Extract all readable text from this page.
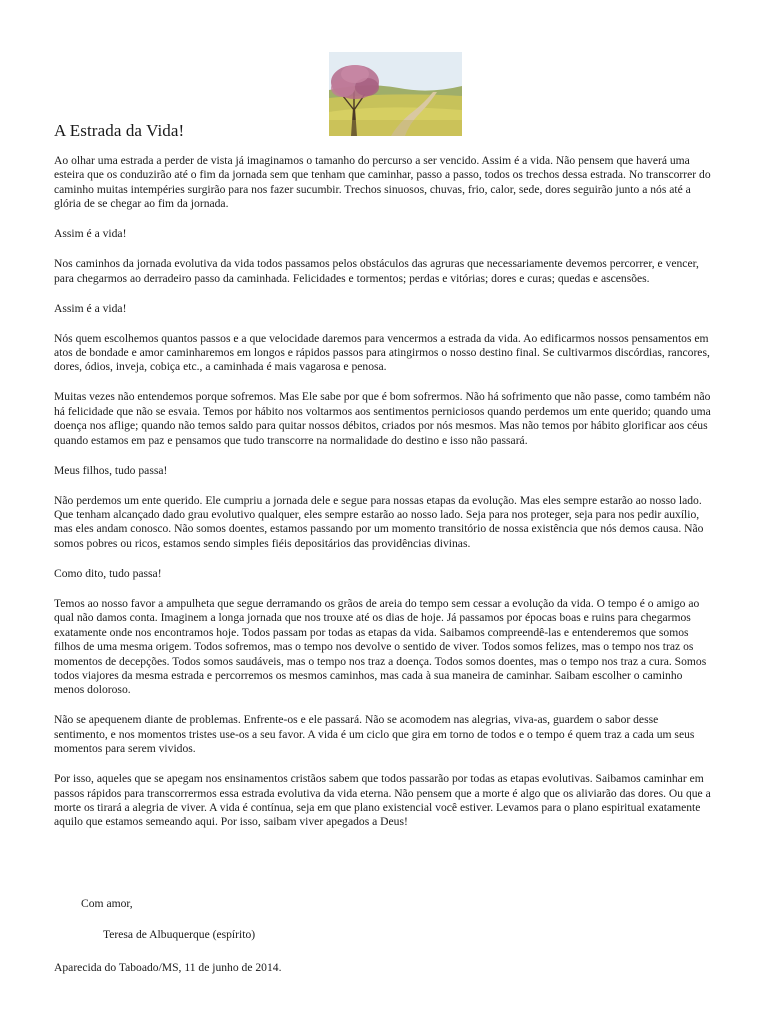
A Estrada da Vida!

Ao olhar uma estrada a perder de vista já imaginamos o tamanho do percurso a ser vencido. Assim é a vida. Não pensem que haverá uma esteira que os conduzirão até o fim da jornada sem que tenham que caminhar, passo a passo, todos os trechos dessa estrada. No transcorrer do caminho muitas intempéries surgirão para nos fazer sucumbir. Trechos sinuosos, chuvas, frio, calor, sede, dores seguirão junto a nós até a glória de se chegar ao fim da jornada.

Assim é a vida!

Nos caminhos da jornada evolutiva da vida todos passamos pelos obstáculos das agruras que necessariamente devemos percorrer, e vencer, para chegarmos ao derradeiro passo da caminhada. Felicidades e tormentos; perdas e vitórias; dores e curas; quedas e ascensões.

Assim é a vida!

Nós quem escolhemos quantos passos e a que velocidade daremos para vencermos a estrada da vida. Ao edificarmos nossos pensamentos em atos de bondade e amor caminharemos em longos e rápidos passos para atingirmos o nosso destino final. Se cultivarmos discórdias, rancores, dores, ódios, inveja, cobiça etc., a caminhada é mais vagarosa e penosa.

Muitas vezes não entendemos porque sofremos. Mas Ele sabe por que é bom sofrermos. Não há sofrimento que não passe, como também não há felicidade que não se esvaia. Temos por hábito nos voltarmos aos sentimentos perniciosos quando perdemos um ente querido; quando uma doença nos aflige; quando não temos saldo para quitar nossos débitos, criados por nós mesmos. Mas não temos por hábito glorificar aos céus quando estamos em paz e pensamos que tudo transcorre na normalidade do destino e isso não passará.

Meus filhos, tudo passa!

Não perdemos um ente querido. Ele cumpriu a jornada dele e segue para nossas etapas da evolução. Mas eles sempre estarão ao nosso lado. Que tenham alcançado dado grau evolutivo qualquer, eles sempre estarão ao nosso lado. Seja para nos proteger, seja para nos pedir auxílio, mas eles andam conosco. Não somos doentes, estamos passando por um momento transitório de nossa existência que nós demos causa. Não somos pobres ou ricos, estamos sendo simples fiéis depositários das providências divinas.

Como dito, tudo passa!

Temos ao nosso favor a ampulheta que segue derramando os grãos de areia do tempo sem cessar a evolução da vida. O tempo é o amigo ao qual não damos conta. Imaginem a longa jornada que nos trouxe até os dias de hoje. Já passamos por épocas boas e ruins para chegarmos exatamente onde nos encontramos hoje. Todos passam por todas as etapas da vida. Saibamos compreendê-las e entenderemos que somos filhos de uma mesma origem. Todos sofremos, mas o tempo nos devolve o sentido de viver. Todos somos felizes, mas o tempo nos traz os momentos de decepções. Todos somos saudáveis, mas o tempo nos traz a doença. Todos somos doentes, mas o tempo nos traz a cura. Somos todos viajores da mesma estrada e percorremos os mesmos caminhos, mas cada à sua maneira de caminhar. Saibam escolher o caminho menos doloroso.

Não se apequenem diante de problemas. Enfrente-os e ele passará. Não se acomodem nas alegrias, viva-as, guardem o sabor desse sentimento, e nos momentos tristes use-os a seu favor. A vida é um ciclo que gira em torno de todos e o tempo é quem traz a cada um seus momentos para serem vividos.

Por isso, aqueles que se apegam nos ensinamentos cristãos sabem que todos passarão por todas as etapas evolutivas. Saibamos caminhar em passos rápidos para transcorrermos essa estrada evolutiva da vida eterna. Não pensem que a morte é algo que os aliviarão das dores. Ou que a morte os tirará a alegria de viver. A vida é contínua, seja em que plano existencial você estiver. Levamos para o plano espiritual exatamente aquilo que estamos semeando aqui. Por isso, saibam viver apegados a Deus!

Com amor,

Teresa de Albuquerque (espírito)

Aparecida do Taboado/MS, 11 de junho de 2014.
